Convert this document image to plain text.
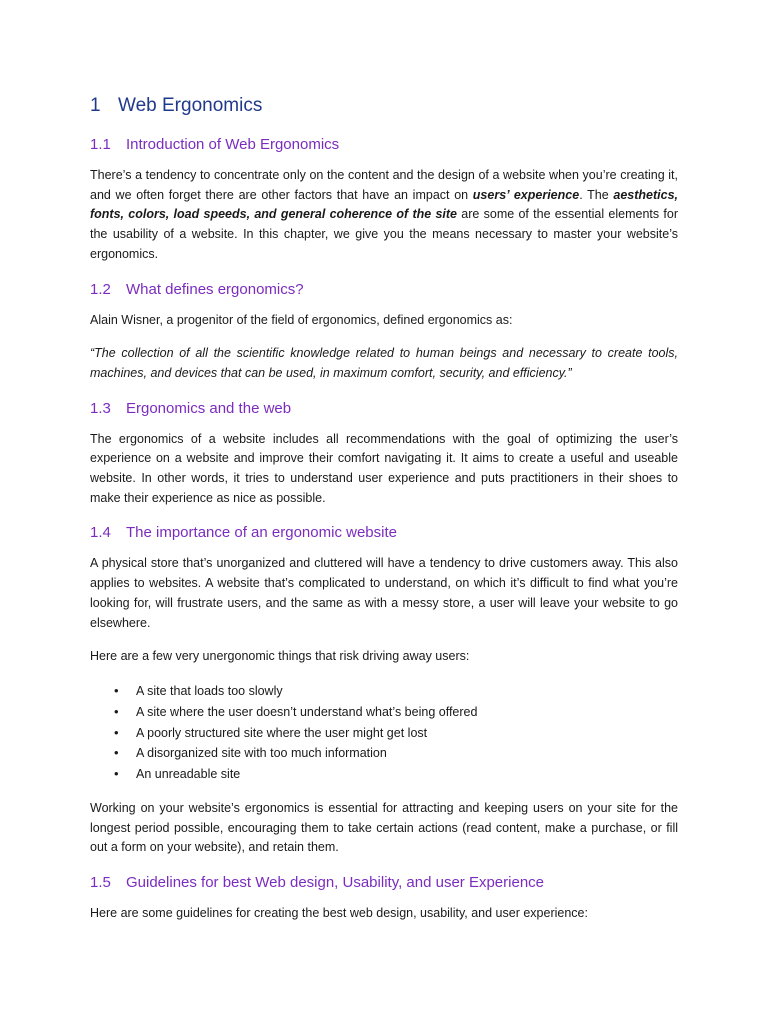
1 Web Ergonomics
1.1 Introduction of Web Ergonomics

There’s a tendency to concentrate only on the content and the design of a website when you’re creating it, and we often forget there are other factors that have an impact on users’ experience. The aesthetics, fonts, colors, load speeds, and general coherence of the site are some of the essential elements for the usability of a website. In this chapter, we give you the means necessary to master your website’s ergonomics.

1.2 What defines ergonomics?

Alain Wisner, a progenitor of the field of ergonomics, defined ergonomics as:

“The collection of all the scientific knowledge related to human beings and necessary to create tools, machines, and devices that can be used, in maximum comfort, security, and efficiency.”

1.3 Ergonomics and the web

The ergonomics of a website includes all recommendations with the goal of optimizing the user’s experience on a website and improve their comfort navigating it. It aims to create a useful and useable website. In other words, it tries to understand user experience and puts practitioners in their shoes to make their experience as nice as possible.

1.4 The importance of an ergonomic website

A physical store that’s unorganized and cluttered will have a tendency to drive customers away. This also applies to websites. A website that’s complicated to understand, on which it’s difficult to find what you’re looking for, will frustrate users, and the same as with a messy store, a user will leave your website to go elsewhere.

Here are a few very unergonomic things that risk driving away users:

• A site that loads too slowly
• A site where the user doesn’t understand what’s being offered
• A poorly structured site where the user might get lost
• A disorganized site with too much information
• An unreadable site

Working on your website’s ergonomics is essential for attracting and keeping users on your site for the longest period possible, encouraging them to take certain actions (read content, make a purchase, or fill out a form on your website), and retain them.

1.5 Guidelines for best Web design, Usability, and user Experience

Here are some guidelines for creating the best web design, usability, and user experience:
